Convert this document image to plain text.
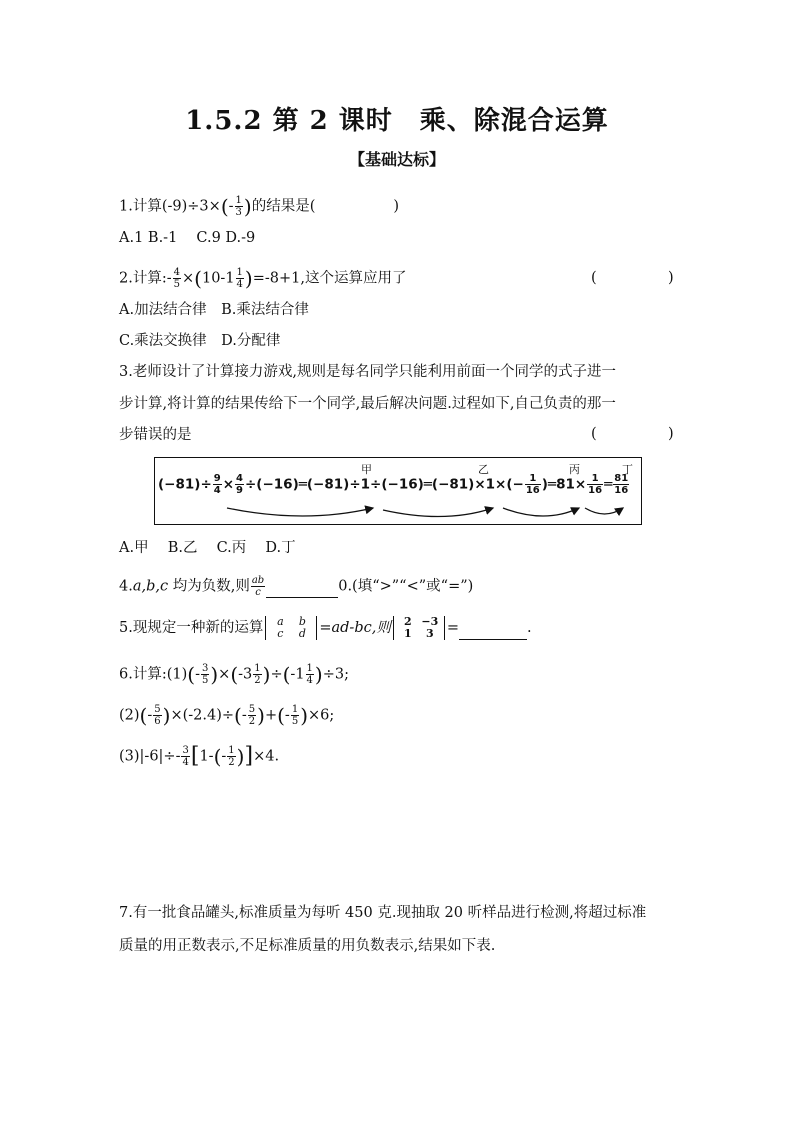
1.5.2 第 2 课时　乘、除混合运算
【基础达标】
1.计算$(-9)\div 3\times(- \frac{1}{3}$ )的结果是(	)
A.1 B.-1　 C.9 D.-9
2.计算:- $\frac{4}{5} \times(10-1 \frac{1}{4} )=-8+1$,这个运算应用了	(	)
A.加法结合律　B.乘法结合律
C.乘法交换律　D.分配律
3.老师设计了计算接力游戏,规则是每名同学只能利用前面一个同学的式子进一
步计算,将计算的结果传给下一个同学,最后解决问题.过程如下,自己负责的那一
步错误的是	(	)
甲	乙	丙	丁
$(-81)\div \frac{9}{4} \times \frac{4}{9}$ ÷(−16)═(−81)÷1÷(−16)═(−81)×1×(− $\frac{1}{16}$ )═81× $\frac{1}{16}$ ═ $\frac{81}{16}$
A.甲　 B.乙　 C.丙　 D.丁
4.a,b,c 均为负数,则 $\frac{ab}{c}$	0.(填“>”“<”或“=”)
5.现规定一种新的运算 a b
c d =ad-bc,则 2 −3
1 3 =	.
6.计算:(1)(- $\frac{3}{5} )\times(-3 \frac{1}{2} )\div(-1 \frac{1}{4} )\div 3$;
$(2)(- \frac{5}{6} )\times(-2.4)\div(- \frac{5}{2}$ )+(- $\frac{1}{5} )\times 6$;
$(3)|-6|\div- \frac{3}{4} [1-(- \frac{1}{2} )]\times 4$.
7.有一批食品罐头,标准质量为每听 450 克.现抽取 20 听样品进行检测,将超过标准
质量的用正数表示,不足标准质量的用负数表示,结果如下表.
